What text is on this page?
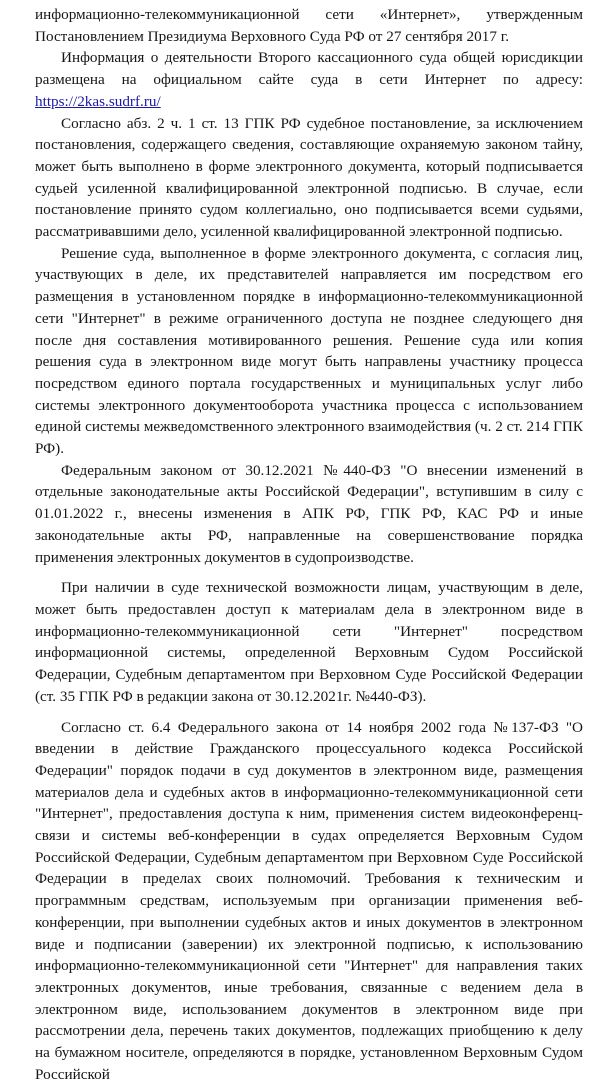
информационно-телекоммуникационной сети «Интернет», утвержденным Постановлением Президиума Верховного Суда РФ от 27 сентября 2017 г.

Информация о деятельности Второго кассационного суда общей юрисдикции размещена на официальном сайте суда в сети Интернет по адресу: https://2kas.sudrf.ru/

Согласно абз. 2 ч. 1 ст. 13 ГПК РФ судебное постановление, за исключением постановления, содержащего сведения, составляющие охраняемую законом тайну, может быть выполнено в форме электронного документа, который подписывается судьей усиленной квалифицированной электронной подписью. В случае, если постановление принято судом коллегиально, оно подписывается всеми судьями, рассматривавшими дело, усиленной квалифицированной электронной подписью.

Решение суда, выполненное в форме электронного документа, с согласия лиц, участвующих в деле, их представителей направляется им посредством его размещения в установленном порядке в информационно-телекоммуникационной сети "Интернет" в режиме ограниченного доступа не позднее следующего дня после дня составления мотивированного решения. Решение суда или копия решения суда в электронном виде могут быть направлены участнику процесса посредством единого портала государственных и муниципальных услуг либо системы электронного документооборота участника процесса с использованием единой системы межведомственного электронного взаимодействия (ч. 2 ст. 214 ГПК РФ).

Федеральным законом от 30.12.2021 №440-ФЗ "О внесении изменений в отдельные законодательные акты Российской Федерации", вступившим в силу с 01.01.2022 г., внесены изменения в АПК РФ, ГПК РФ, КАС РФ и иные законодательные акты РФ, направленные на совершенствование порядка применения электронных документов в судопроизводстве.

При наличии в суде технической возможности лицам, участвующим в деле, может быть предоставлен доступ к материалам дела в электронном виде в информационно-телекоммуникационной сети "Интернет" посредством информационной системы, определенной Верховным Судом Российской Федерации, Судебным департаментом при Верховном Суде Российской Федерации (ст. 35 ГПК РФ в редакции закона от 30.12.2021г. №440-ФЗ).

Согласно ст. 6.4 Федерального закона от 14 ноября 2002 года №137-ФЗ "О введении в действие Гражданского процессуального кодекса Российской Федерации" порядок подачи в суд документов в электронном виде, размещения материалов дела и судебных актов в информационно-телекоммуникационной сети "Интернет", предоставления доступа к ним, применения систем видеоконференц-связи и системы веб-конференции в судах определяется Верховным Судом Российской Федерации, Судебным департаментом при Верховном Суде Российской Федерации в пределах своих полномочий. Требования к техническим и программным средствам, используемым при организации применения веб-конференции, при выполнении судебных актов и иных документов в электронном виде и подписании (заверении) их электронной подписью, к использованию информационно-телекоммуникационной сети "Интернет" для направления таких электронных документов, иные требования, связанные с ведением дела в электронном виде, использованием документов в электронном виде при рассмотрении дела, перечень таких документов, подлежащих приобщению к делу на бумажном носителе, определяются в порядке, установленном Верховным Судом Российской
